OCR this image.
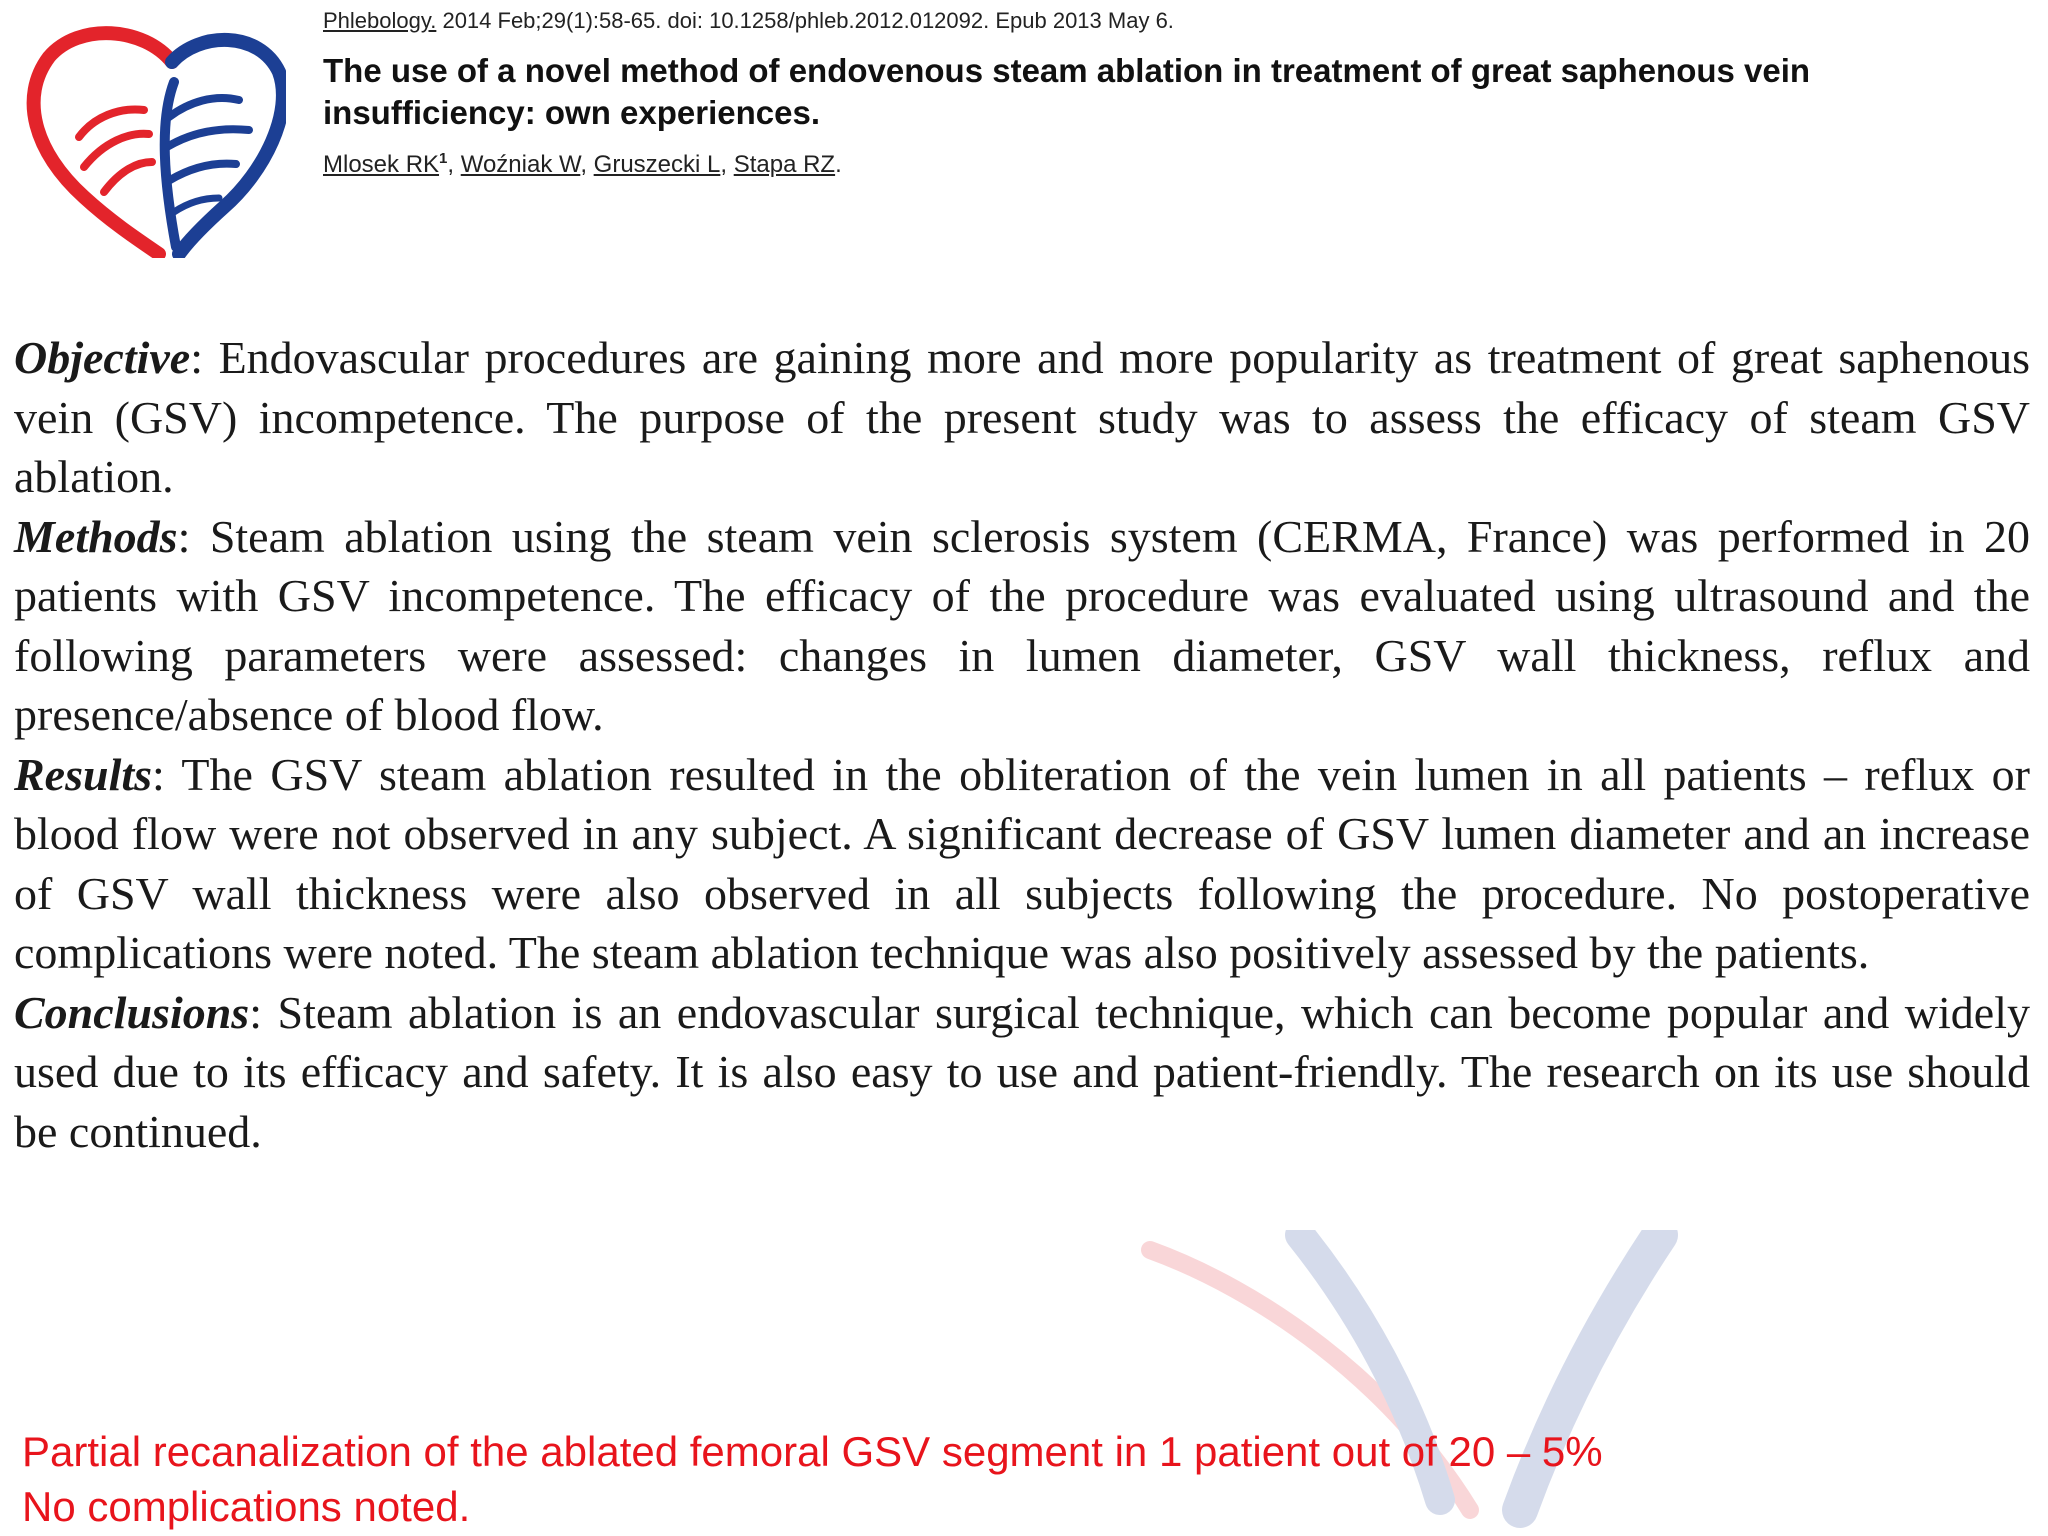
Phlebology. 2014 Feb;29(1):58-65. doi: 10.1258/phleb.2012.012092. Epub 2013 May 6.
The use of a novel method of endovenous steam ablation in treatment of great saphenous vein insufficiency: own experiences.
Mlosek $RK^1$, Woźniak W, Gruszecki L, Stapa RZ.

Objective: Endovascular procedures are gaining more and more popularity as treatment of great saphenous vein (GSV) incompetence. The purpose of the present study was to assess the efficacy of steam GSV ablation.

Methods: Steam ablation using the steam vein sclerosis system (CERMA, France) was performed in 20 patients with GSV incompetence. The efficacy of the procedure was evaluated using ultrasound and the following parameters were assessed: changes in lumen diameter, GSV wall thickness, reflux and presence/absence of blood flow.

Results: The GSV steam ablation resulted in the obliteration of the vein lumen in all patients – reflux or blood flow were not observed in any subject. A significant decrease of GSV lumen diameter and an increase of GSV wall thickness were also observed in all subjects following the procedure. No postoperative complications were noted. The steam ablation technique was also positively assessed by the patients.

Conclusions: Steam ablation is an endovascular surgical technique, which can become popular and widely used due to its efficacy and safety. It is also easy to use and patient-friendly. The research on its use should be continued.

Partial recanalization of the ablated femoral GSV segment in 1 patient out of 20 – 5%
No complications noted.
